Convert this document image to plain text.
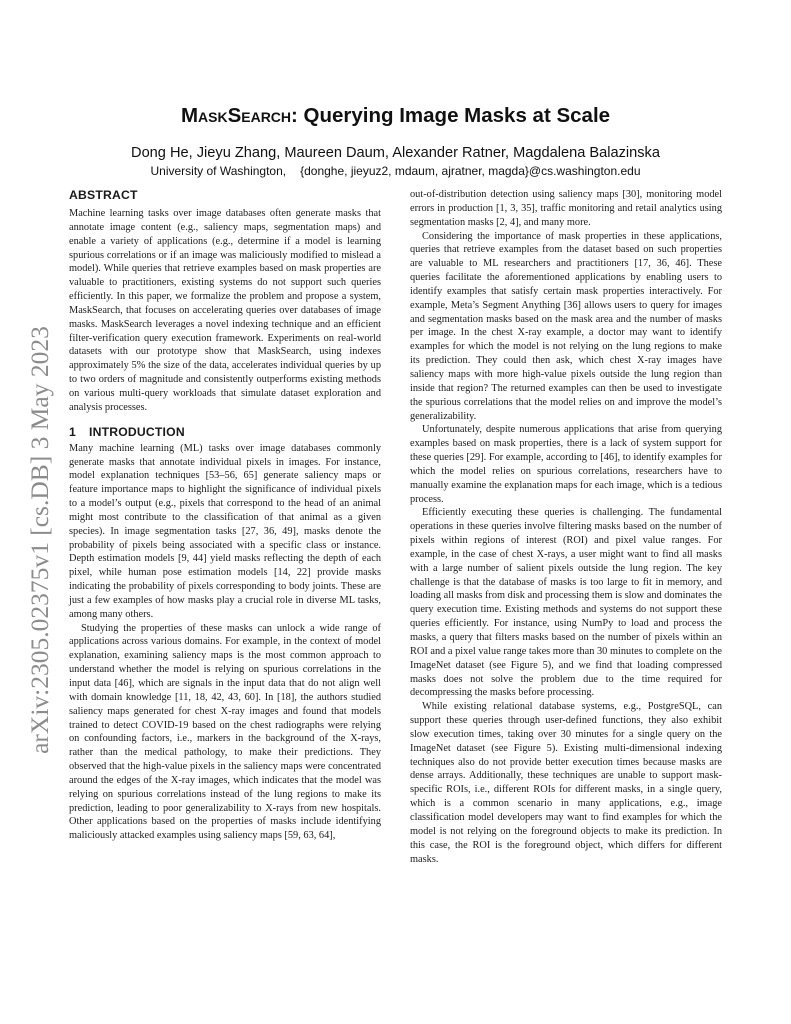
arXiv:2305.02375v1 [cs.DB] 3 May 2023
MaskSearch: Querying Image Masks at Scale
Dong He, Jieyu Zhang, Maureen Daum, Alexander Ratner, Magdalena Balazinska
University of Washington, {donghe, jieyuz2, mdaum, ajratner, magda}@cs.washington.edu
ABSTRACT

Machine learning tasks over image databases often generate masks that annotate image content (e.g., saliency maps, segmentation maps) and enable a variety of applications (e.g., determine if a model is learning spurious correlations or if an image was maliciously modified to mislead a model). While queries that retrieve examples based on mask properties are valuable to practitioners, existing systems do not support such queries efficiently. In this paper, we formalize the problem and propose a system, MaskSearch, that focuses on accelerating queries over databases of image masks. MaskSearch leverages a novel indexing technique and an efficient filter-verification query execution framework. Experiments on real-world datasets with our prototype show that MaskSearch, using indexes approximately 5% the size of the data, accelerates individual queries by up to two orders of magnitude and consistently outperforms existing methods on various multi-query workloads that simulate dataset exploration and analysis processes.

1 INTRODUCTION

Many machine learning (ML) tasks over image databases commonly generate masks that annotate individual pixels in images. For instance, model explanation techniques [53–56, 65] generate saliency maps or feature importance maps to highlight the significance of individual pixels to a model’s output (e.g., pixels that correspond to the head of an animal might most contribute to the classification of that animal as a given species). In image segmentation tasks [27, 36, 49], masks denote the probability of pixels being associated with a specific class or instance. Depth estimation models [9, 44] yield masks reflecting the depth of each pixel, while human pose estimation models [14, 22] provide masks indicating the probability of pixels corresponding to body joints. These are just a few examples of how masks play a crucial role in diverse ML tasks, among many others.

Studying the properties of these masks can unlock a wide range of applications across various domains. For example, in the context of model explanation, examining saliency maps is the most common approach to understand whether the model is relying on spurious correlations in the input data [46], which are signals in the input data that do not align well with domain knowledge [11, 18, 42, 43, 60]. In [18], the authors studied saliency maps generated for chest X-ray images and found that models trained to detect COVID-19 based on the chest radiographs were relying on confounding factors, i.e., markers in the background of the X-rays, rather than the medical pathology, to make their predictions. They observed that the high-value pixels in the saliency maps were concentrated around the edges of the X-ray images, which indicates that the model was relying on spurious correlations instead of the lung regions to make its prediction, leading to poor generalizability to X-rays from new hospitals. Other applications based on the properties of masks include identifying maliciously attacked examples using saliency maps [59, 63, 64],

out-of-distribution detection using saliency maps [30], monitoring model errors in production [1, 3, 35], traffic monitoring and retail analytics using segmentation masks [2, 4], and many more.

Considering the importance of mask properties in these applications, queries that retrieve examples from the dataset based on such properties are valuable to ML researchers and practitioners [17, 36, 46]. These queries facilitate the aforementioned applications by enabling users to identify examples that satisfy certain mask properties interactively. For example, Meta’s Segment Anything [36] allows users to query for images and segmentation masks based on the mask area and the number of masks per image. In the chest X-ray example, a doctor may want to identify examples for which the model is not relying on the lung regions to make its prediction. They could then ask, which chest X-ray images have saliency maps with more high-value pixels outside the lung region than inside that region? The returned examples can then be used to investigate the spurious correlations that the model relies on and improve the model’s generalizability.

Unfortunately, despite numerous applications that arise from querying examples based on mask properties, there is a lack of system support for these queries [29]. For example, according to [46], to identify examples for which the model relies on spurious correlations, researchers have to manually examine the explanation maps for each image, which is a tedious process.

Efficiently executing these queries is challenging. The fundamental operations in these queries involve filtering masks based on the number of pixels within regions of interest (ROI) and pixel value ranges. For example, in the case of chest X-rays, a user might want to find all masks with a large number of salient pixels outside the lung region. The key challenge is that the database of masks is too large to fit in memory, and loading all masks from disk and processing them is slow and dominates the query execution time. Existing methods and systems do not support these queries efficiently. For instance, using NumPy to load and process the masks, a query that filters masks based on the number of pixels within an ROI and a pixel value range takes more than 30 minutes to complete on the ImageNet dataset (see Figure 5), and we find that loading compressed masks does not solve the problem due to the time required for decompressing the masks before processing.

While existing relational database systems, e.g., PostgreSQL, can support these queries through user-defined functions, they also exhibit slow execution times, taking over 30 minutes for a single query on the ImageNet dataset (see Figure 5). Existing multi-dimensional indexing techniques also do not provide better execution times because masks are dense arrays. Additionally, these techniques are unable to support mask-specific ROIs, i.e., different ROIs for different masks, in a single query, which is a common scenario in many applications, e.g., image classification model developers may want to find examples for which the model is not relying on the foreground objects to make its prediction. In this case, the ROI is the foreground object, which differs for different masks.
